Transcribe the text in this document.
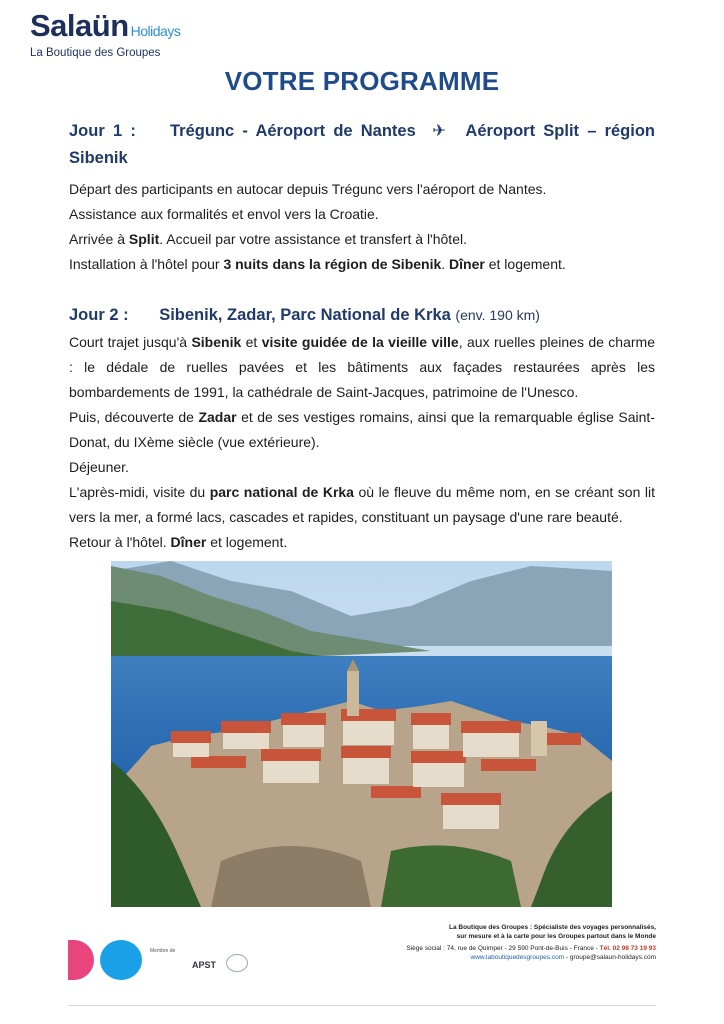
Salaün Holidays
La Boutique des Groupes
VOTRE PROGRAMME
Jour 1 : Trégunc - Aéroport de Nantes  ✈  Aéroport Split – région Sibenik

Départ des participants en autocar depuis Trégunc vers l'aéroport de Nantes.

Assistance aux formalités et envol vers la Croatie.

Arrivée à Split. Accueil par votre assistance et transfert à l'hôtel.

Installation à l'hôtel pour 3 nuits dans la région de Sibenik. Dîner et logement.

Jour 2 : Sibenik, Zadar, Parc National de Krka (env. 190 km)

Court trajet jusqu'à Sibenik et visite guidée de la vieille ville, aux ruelles pleines de charme : le dédale de ruelles pavées et les bâtiments aux façades restaurées après les bombardements de 1991, la cathédrale de Saint-Jacques, patrimoine de l'Unesco.

Puis, découverte de Zadar et de ses vestiges romains, ainsi que la remarquable église Saint-Donat, du IXème siècle (vue extérieure).

Déjeuner.

L'après-midi, visite du parc national de Krka où le fleuve du même nom, en se créant son lit vers la mer, a formé lacs, cascades et rapides, constituant un paysage d'une rare beauté.

Retour à l'hôtel. Dîner et logement.

Membre de
APST
La Boutique des Groupes : Spécialiste des voyages personnalisés,
sur mesure et à la carte pour les Groupes partout dans le Monde
Siège social : 74, rue de Quimper - 29 590 Pont-de-Buis - France - Tél. 02 98 73 19 93
www.laboutiquedesgroupes.com - groupe@salaun-holidays.com
